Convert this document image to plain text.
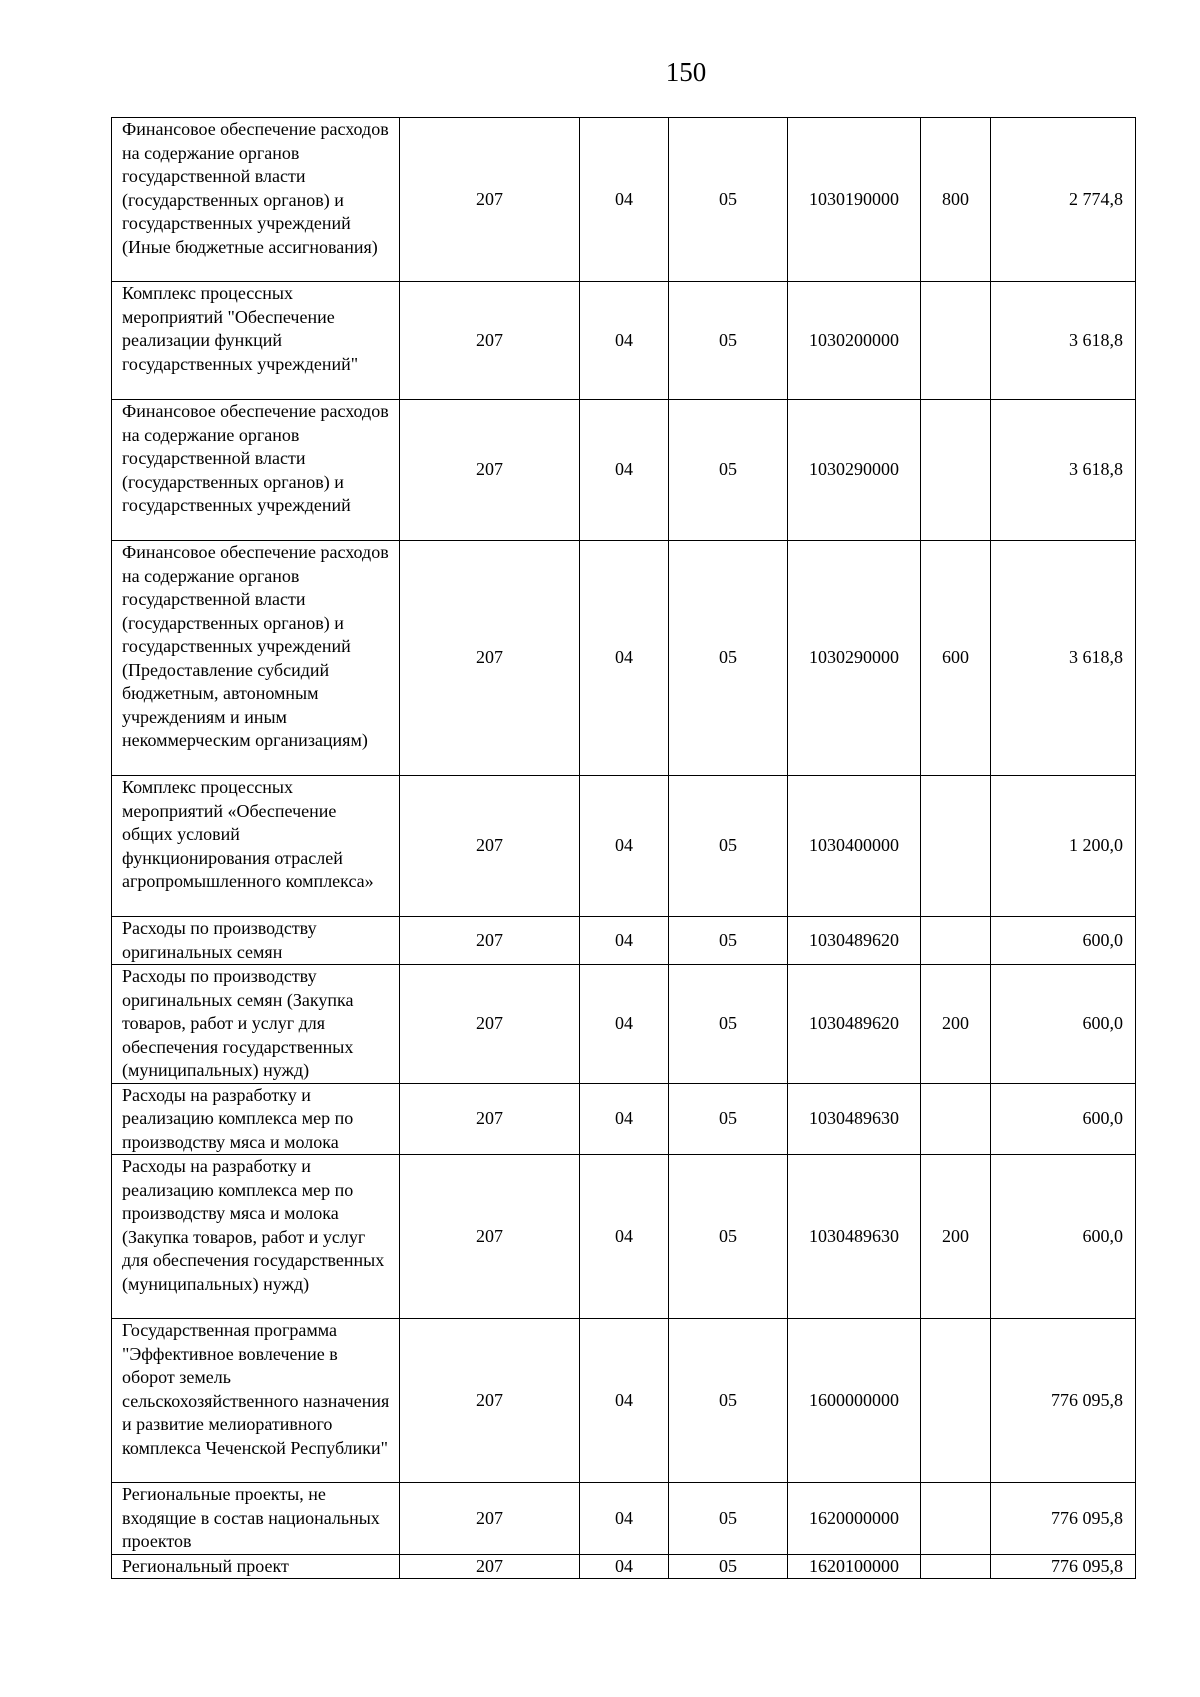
150
Финансовое обеспечение расходов на содержание органов государственной власти (государственных органов) и государственных учреждений (Иные бюджетные ассигнования)	207	04	05	1030190000	800	2 774,8
Комплекс процессных мероприятий "Обеспечение реализации функций государственных учреждений"	207	04	05	1030200000		3 618,8
Финансовое обеспечение расходов на содержание органов государственной власти (государственных органов) и государственных учреждений	207	04	05	1030290000		3 618,8
Финансовое обеспечение расходов на содержание органов государственной власти (государственных органов) и государственных учреждений (Предоставление субсидий бюджетным, автономным учреждениям и иным некоммерческим организациям)	207	04	05	1030290000	600	3 618,8
Комплекс процессных мероприятий «Обеспечение общих условий функционирования отраслей агропромышленного комплекса»	207	04	05	1030400000		1 200,0
Расходы по производству оригинальных семян	207	04	05	1030489620		600,0
Расходы по производству оригинальных семян (Закупка товаров, работ и услуг для обеспечения государственных (муниципальных) нужд)	207	04	05	1030489620	200	600,0
Расходы на разработку и реализацию комплекса мер по производству мяса и молока	207	04	05	1030489630		600,0
Расходы на разработку и реализацию комплекса мер по производству мяса и молока (Закупка товаров, работ и услуг для обеспечения государственных (муниципальных) нужд)	207	04	05	1030489630	200	600,0
Государственная программа "Эффективное вовлечение в оборот земель сельскохозяйственного назначения и развитие мелиоративного комплекса Чеченской Республики"	207	04	05	1600000000		776 095,8
Региональные проекты, не входящие в состав национальных проектов	207	04	05	1620000000		776 095,8
Региональный проект	207	04	05	1620100000		776 095,8
